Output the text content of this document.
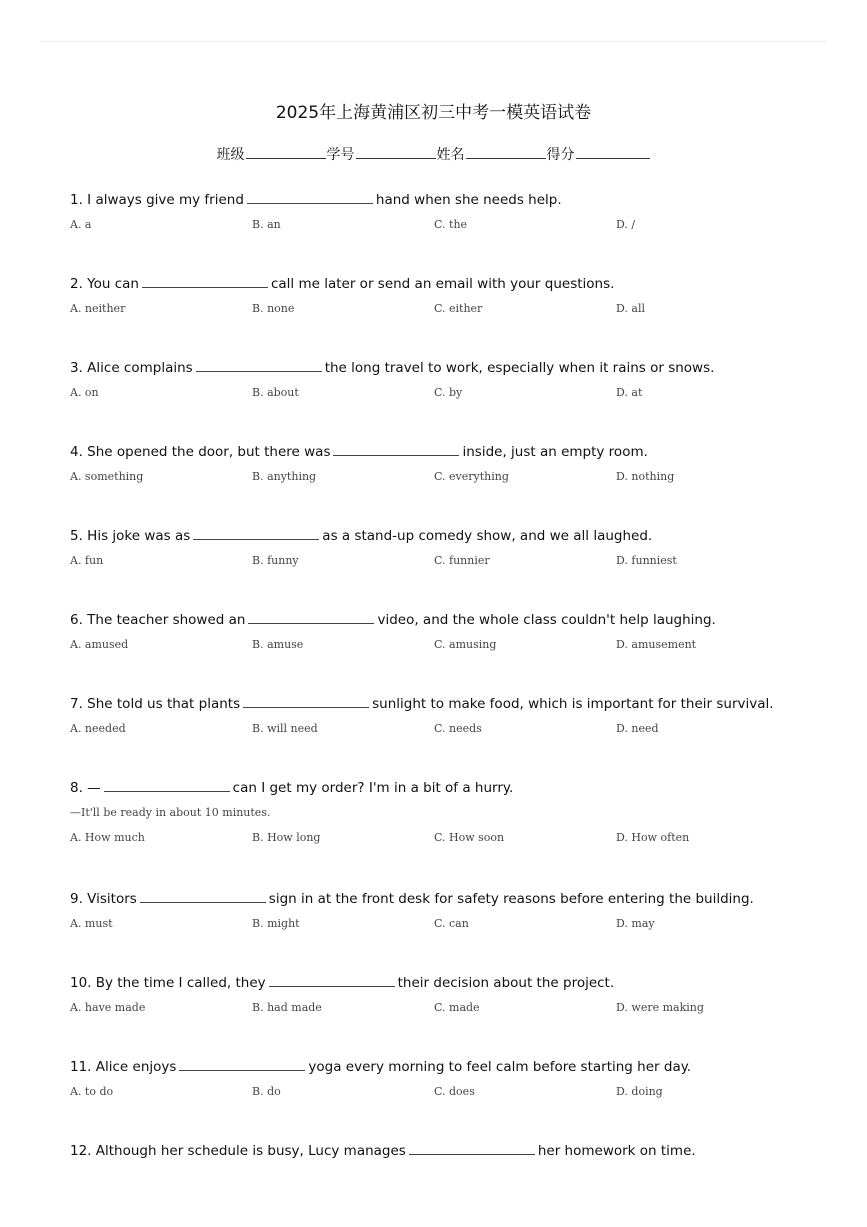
2025年上海黄浦区初三中考一模英语试卷
班级	学号	姓名	得分
1. I always give my friend	hand when she needs help.
A. a	B. an	C. the	D. /
2. You can	call me later or send an email with your questions.
A. neither	B. none	C. either	D. all
3. Alice complains	the long travel to work, especially when it rains or snows.
A. on	B. about	C. by	D. at
4. She opened the door, but there was	inside, just an empty room.
A. something	B. anything	C. everything	D. nothing
5. His joke was as	as a stand-up comedy show, and we all laughed.
A. fun	B. funny	C. funnier	D. funniest
6. The teacher showed an	video, and the whole class couldn't help laughing.
A. amused	B. amuse	C. amusing	D. amusement
7. She told us that plants	sunlight to make food, which is important for their survival.
A. needed	B. will need	C. needs	D. need
8. —	can I get my order? I'm in a bit of a hurry.
—It'll be ready in about 10 minutes.
A. How much	B. How long	C. How soon	D. How often
9. Visitors	sign in at the front desk for safety reasons before entering the building.
A. must	B. might	C. can	D. may
10. By the time I called, they	their decision about the project.
A. have made	B. had made	C. made	D. were making
11. Alice enjoys	yoga every morning to feel calm before starting her day.
A. to do	B. do	C. does	D. doing
12. Although her schedule is busy, Lucy manages	her homework on time.
